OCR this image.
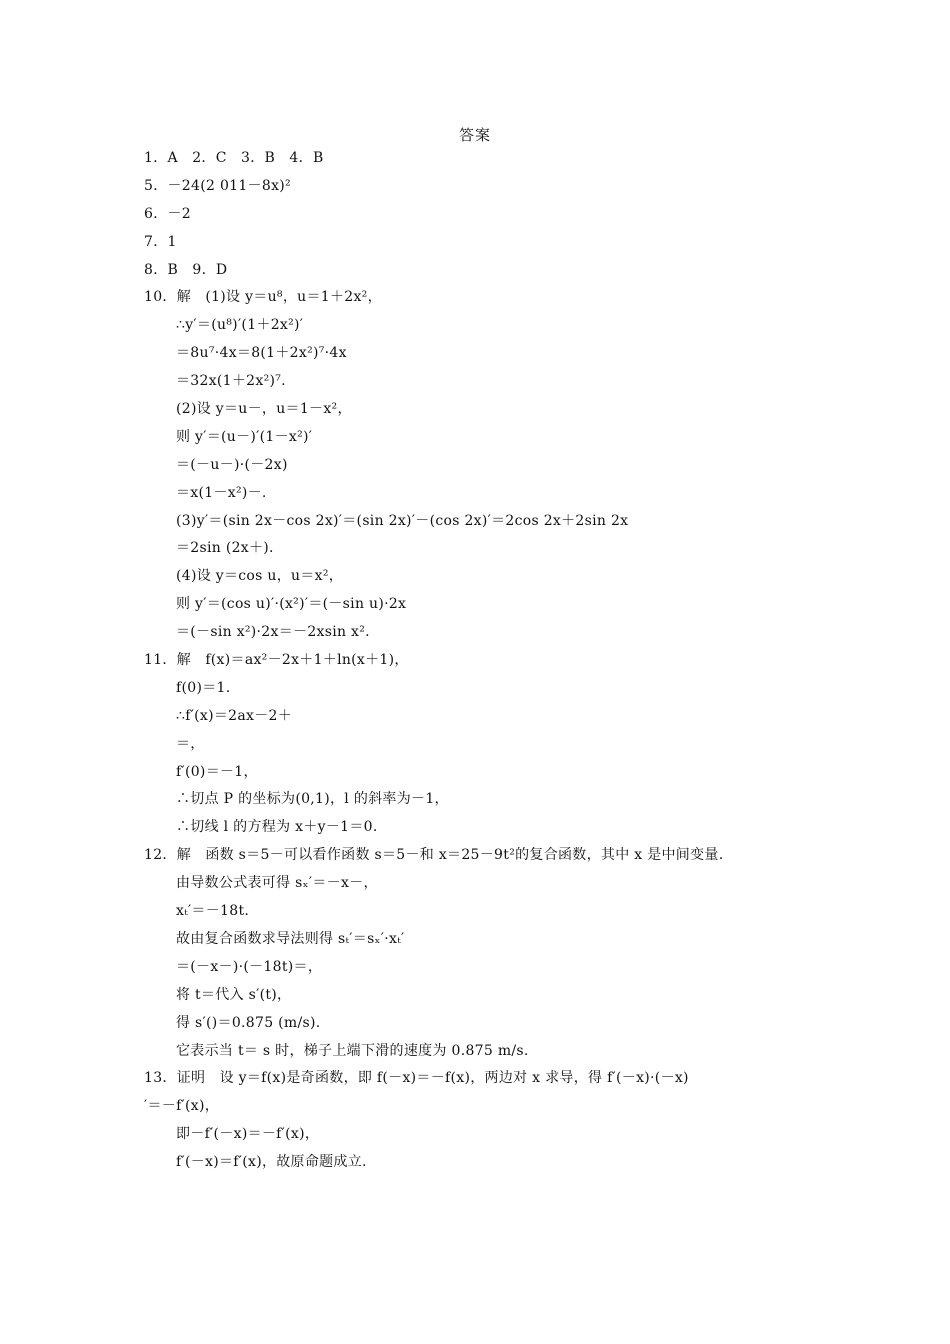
答案
1．A　2．C　3．B　4．B
5．－24(2 011－8x)²
6．－2
7．1
8．B　9．D
10．解　(1)设 y＝u⁸，u＝1＋2x²，
∴y′＝(u⁸)′(1＋2x²)′
＝8u⁷·4x＝8(1＋2x²)⁷·4x
＝32x(1＋2x²)⁷.
(2)设 y＝u－，u＝1－x²，
则 y′＝(u－)′(1－x²)′
＝(－u－)·(－2x)
＝x(1－x²)－.
(3)y′＝(sin 2x－cos 2x)′＝(sin 2x)′－(cos 2x)′＝2cos 2x＋2sin 2x
＝2sin (2x＋).
(4)设 y＝cos u，u＝x²，
则 y′＝(cos u)′·(x²)′＝(－sin u)·2x
＝(－sin x²)·2x＝－2xsin x².
11．解　f(x)＝ax²－2x＋1＋ln(x＋1)，
f(0)＝1.
∴f′(x)＝2ax－2＋
＝，
f′(0)＝－1，
∴切点 P 的坐标为(0,1)，l 的斜率为－1，
∴切线 l 的方程为 x＋y－1＝0.
12．解　函数 s＝5－可以看作函数 s＝5－和 x＝25－9t²的复合函数，其中 x 是中间变量.
由导数公式表可得 sₓ′＝－x－，
xₜ′＝－18t.
故由复合函数求导法则得 sₜ′＝sₓ′·xₜ′
＝(－x－)·(－18t)＝，
将 t＝代入 s′(t)，
得 s′()＝0.875 (m/s).
它表示当 t＝ s 时，梯子上端下滑的速度为 0.875 m/s.
13．证明　设 y＝f(x)是奇函数，即 f(－x)＝－f(x)，两边对 x 求导，得 f′(－x)·(－x)
′＝－f′(x)，
即－f′(－x)＝－f′(x)，
f′(－x)＝f′(x)，故原命题成立.
